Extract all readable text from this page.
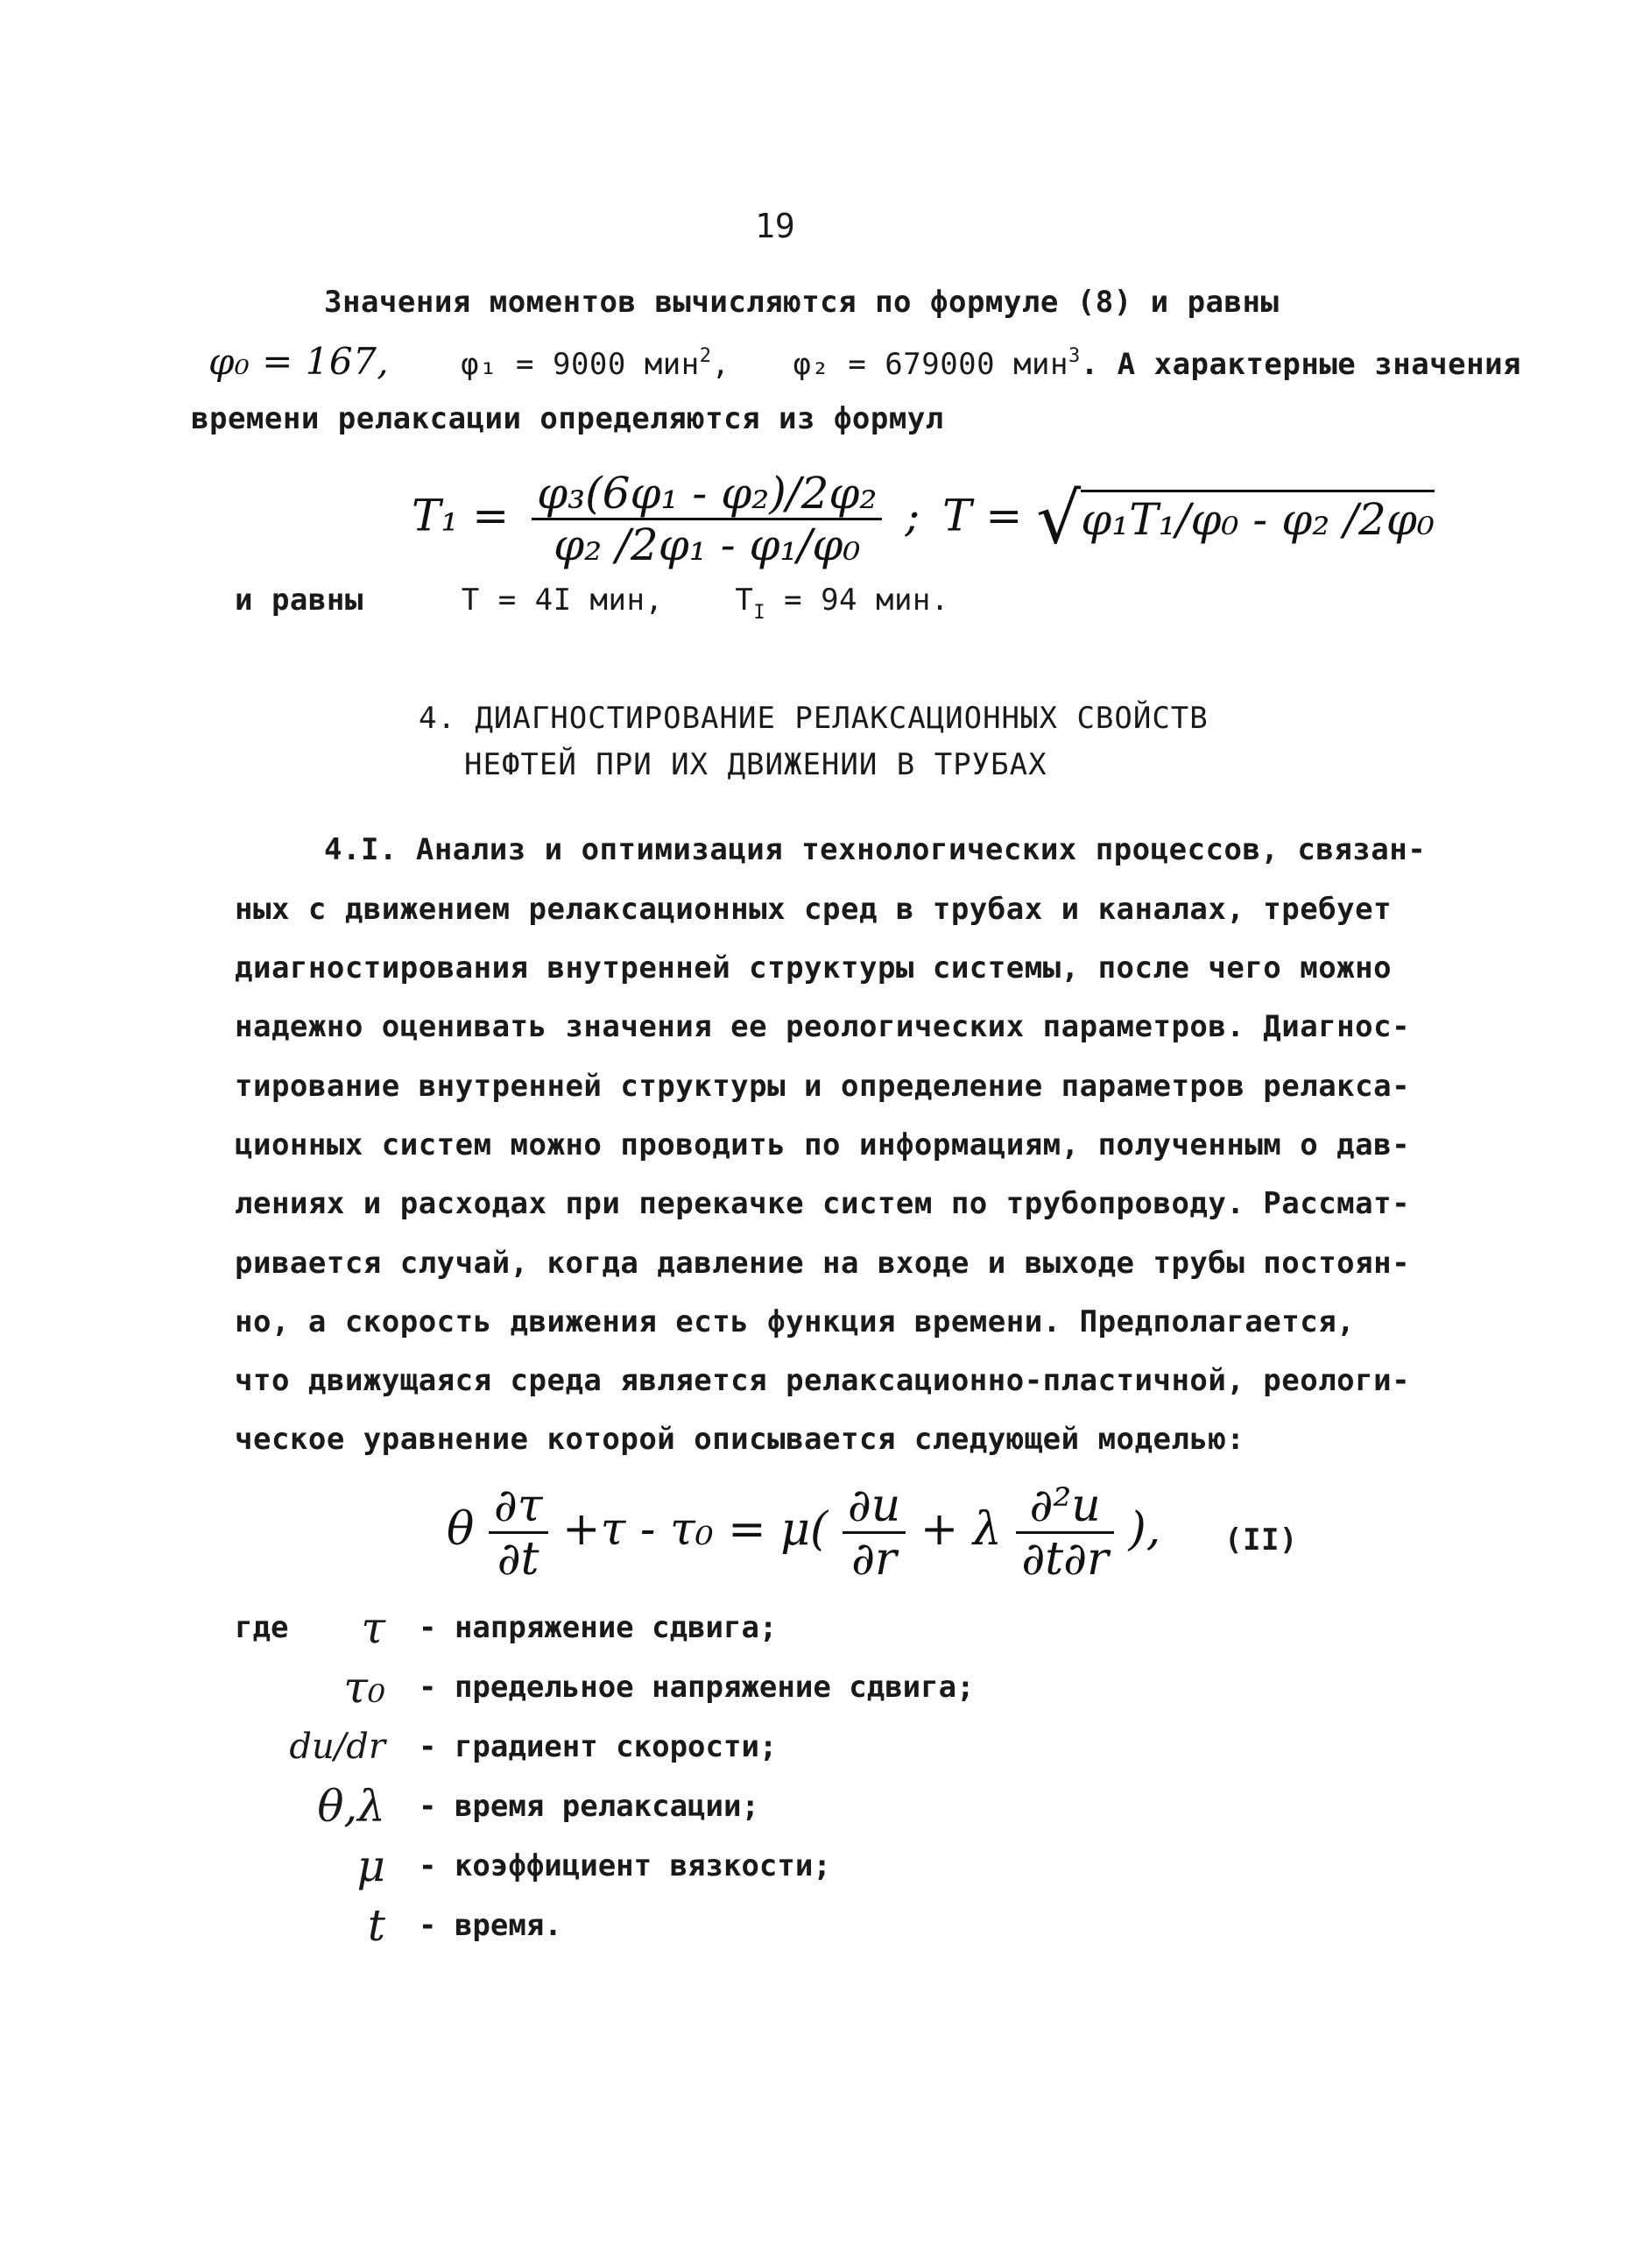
19
Значения моментов вычисляются по формуле (8) и равны
φ₀ = 167, φ₁ = 9000 мин$^2$, φ₂ = 679000 мин$^3$. А характерные значения
времени релаксации определяются из формул
$T_1 = \frac{\text{φ₃(6φ₁ - φ₂)/2φ₂}}{\text{φ₂ /2φ₁ - φ₁/φ₀}}$ ; T = √φ₁T₁/φ₀ - φ₂ /2φ₀
и равны	T = 4I мин, $T_I = 94$ мин.
4. ДИАГНОСТИРОВАНИЕ РЕЛАКСАЦИОННЫХ СВОЙСТВ
НЕФТЕЙ ПРИ ИХ ДВИЖЕНИИ В ТРУБАХ
4.I. Анализ и оптимизация технологических процессов, связан-
ных с движением релаксационных сред в трубах и каналах, требует
диагностирования внутренней структуры системы, после чего можно
надежно оценивать значения ее реологических параметров. Диагнос-
тирование внутренней структуры и определение параметров релакса-
ционных систем можно проводить по информациям, полученным о дав-
лениях и расходах при перекачке систем по трубопроводу. Рассмат-
ривается случай, когда давление на входе и выходе трубы постоян-
но, а скорость движения есть функция времени. Предполагается,
что движущаяся среда является релаксационно-пластичной, реологи-
ческое уравнение которой описывается следующей моделью:
θ $\frac{\partial\tau}{\partial t} +\tau - \tau_0 = \mu( \frac{\partial u}{\partial r} + \lambda \frac{\text{∂²u}}{\partial t\partial r}$ ), (II)
где	τ - напряжение сдвига;
τ₀ - предельное напряжение сдвига;
du/dr - градиент скорости;
θ,λ - время релаксации;
μ - коэффициент вязкости;
t - время.
